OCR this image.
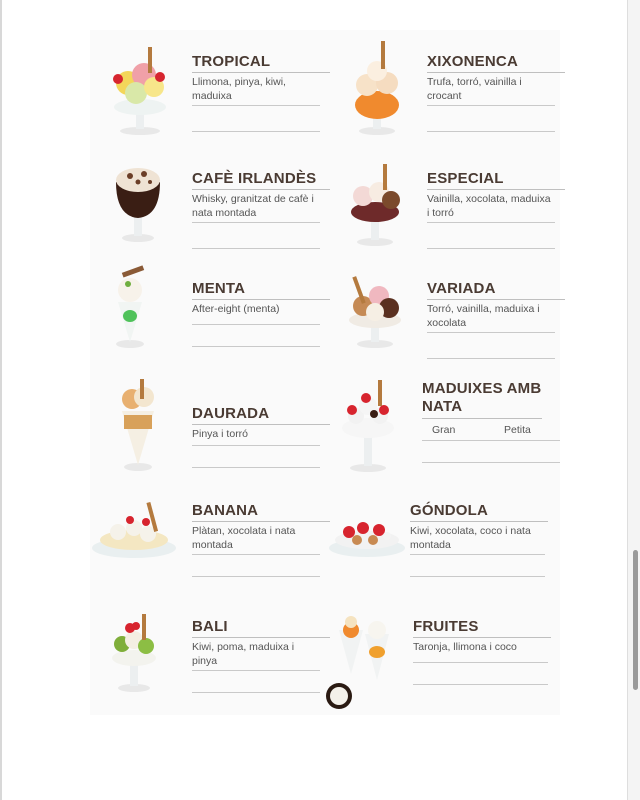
TROPICAL
Llimona, pinya, kiwi, maduixa
XIXONENCA
Trufa, torró, vainilla i crocant
CAFÈ IRLANDÈS
Whisky, granitzat de cafè i nata montada
ESPECIAL
Vainilla, xocolata, maduixa i torró
MENTA
After-eight (menta)
VARIADA
Torró, vainilla, maduixa i xocolata
DAURADA
Pinya i torró
MADUIXES AMB NATA
Gran	Petita
BANANA
Plàtan, xocolata i nata montada
GÓNDOLA
Kiwi, xocolata, coco i nata montada
BALI
Kiwi, poma, maduixa i pinya
FRUITES
Taronja, llimona i coco
